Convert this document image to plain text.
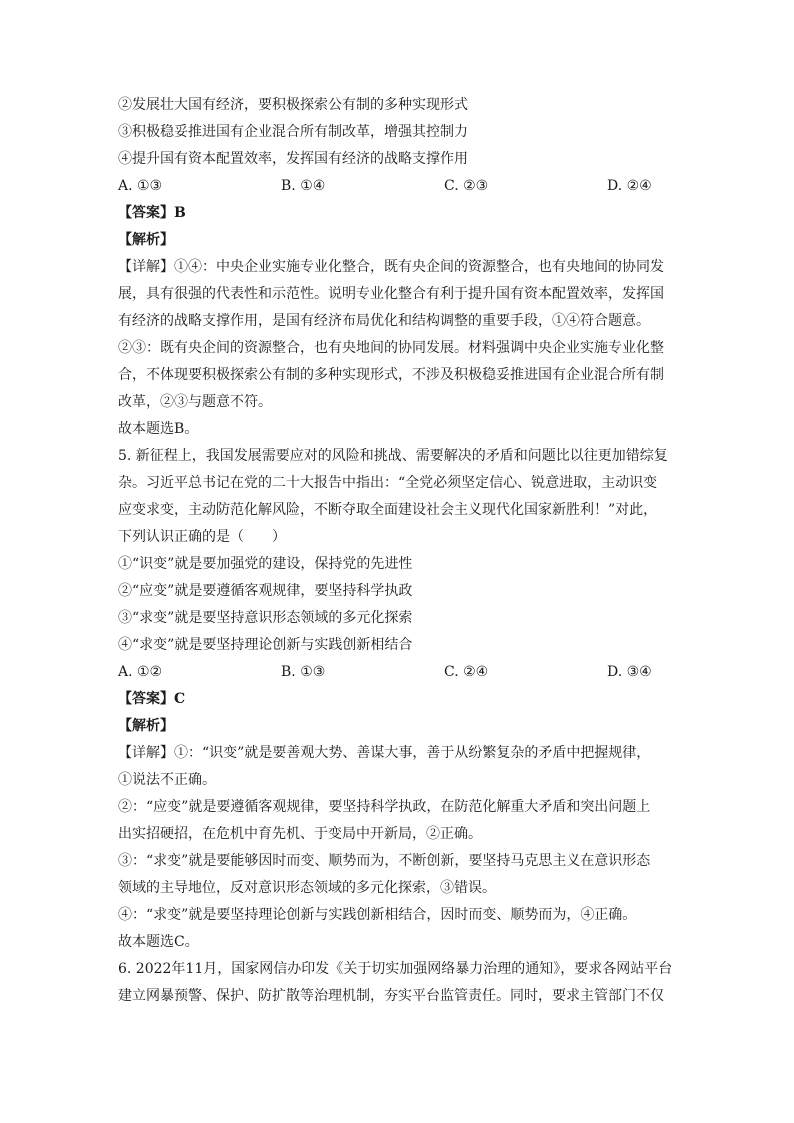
②发展壮大国有经济，要积极探索公有制的多种实现形式
③积极稳妥推进国有企业混合所有制改革，增强其控制力
④提升国有资本配置效率，发挥国有经济的战略支撑作用
A. ①③	B. ①④	C. ②③	D. ②④
【答案】B
【解析】
【详解】①④：中央企业实施专业化整合，既有央企间的资源整合，也有央地间的协同发
展，具有很强的代表性和示范性。说明专业化整合有利于提升国有资本配置效率，发挥国
有经济的战略支撑作用，是国有经济布局优化和结构调整的重要手段，①④符合题意。
②③：既有央企间的资源整合，也有央地间的协同发展。材料强调中央企业实施专业化整
合，不体现要积极探索公有制的多种实现形式，不涉及积极稳妥推进国有企业混合所有制
改革，②③与题意不符。
故本题选B。
5. 新征程上，我国发展需要应对的风险和挑战、需要解决的矛盾和问题比以往更加错综复
杂。习近平总书记在党的二十大报告中指出：“全党必须坚定信心、锐意进取，主动识变
应变求变，主动防范化解风险，不断夺取全面建设社会主义现代化国家新胜利！”对此，
下列认识正确的是（　　）
①“识变”就是要加强党的建设，保持党的先进性
②“应变”就是要遵循客观规律，要坚持科学执政
③“求变”就是要坚持意识形态领域的多元化探索
④“求变”就是要坚持理论创新与实践创新相结合
A. ①②	B. ①③	C. ②④	D. ③④
【答案】C
【解析】
【详解】①：“识变”就是要善观大势、善谋大事，善于从纷繁复杂的矛盾中把握规律，
①说法不正确。
②：“应变”就是要遵循客观规律，要坚持科学执政，在防范化解重大矛盾和突出问题上
出实招硬招，在危机中育先机、于变局中开新局，②正确。
③：“求变”就是要能够因时而变、顺势而为，不断创新，要坚持马克思主义在意识形态
领域的主导地位，反对意识形态领域的多元化探索，③错误。
④：“求变”就是要坚持理论创新与实践创新相结合，因时而变、顺势而为，④正确。
故本题选C。
6. 2022年11月，国家网信办印发《关于切实加强网络暴力治理的通知》，要求各网站平台
建立网暴预警、保护、防扩散等治理机制，夯实平台监管责任。同时，要求主管部门不仅
